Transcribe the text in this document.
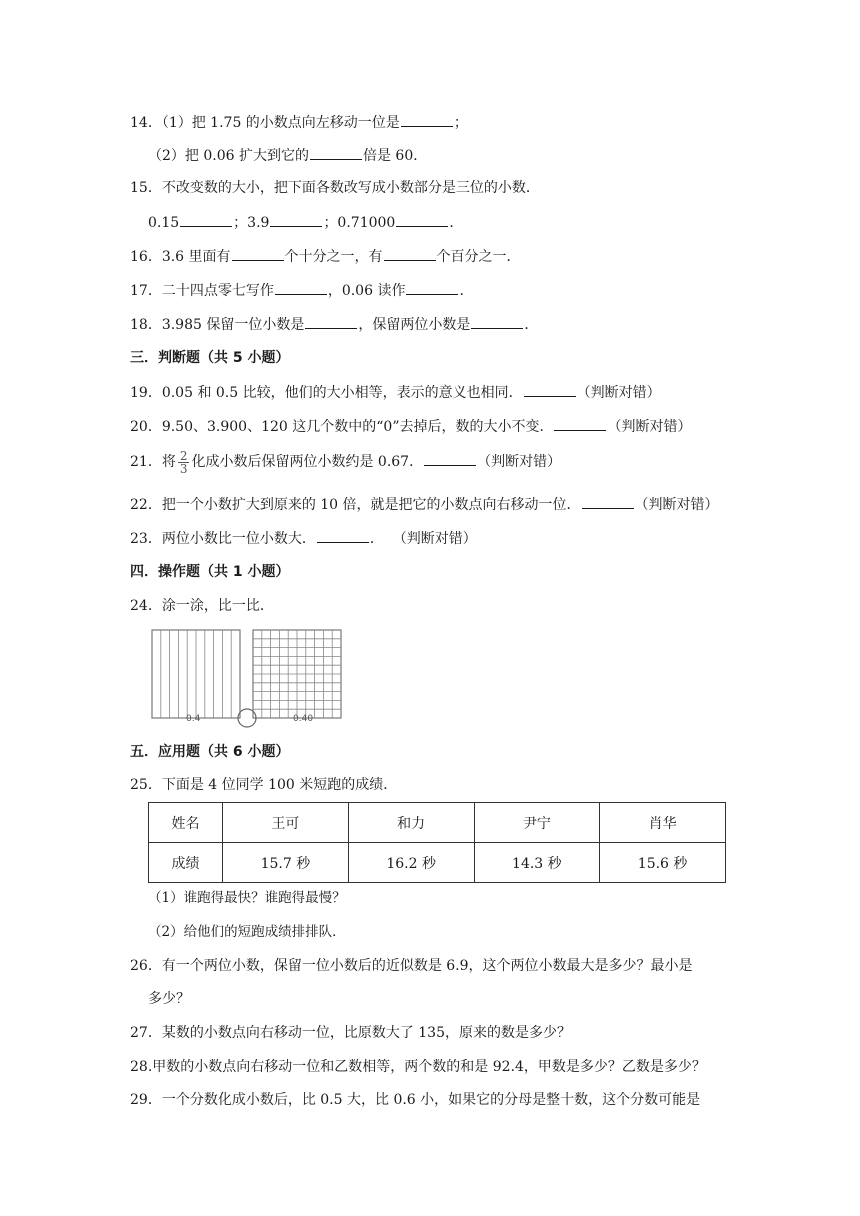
14．（1）把 1.75 的小数点向左移动一位是	；
（2）把 0.06 扩大到它的	倍是 60．
15．不改变数的大小，把下面各数改写成小数部分是三位的小数．
0.15	；3.9	；0.71000	．
16．3.6 里面有	个十分之一，有	个百分之一．
17．二十四点零七写作	，0.06 读作	．
18．3.985 保留一位小数是	，保留两位小数是	．
三．判断题（共 5 小题）
19．0.05 和 0.5 比较，他们的大小相等，表示的意义也相同．	（判断对错）
20．9.50、3.900、120 这几个数中的“0”去掉后，数的大小不变．	（判断对错）
21．将 $\frac{2}{3}$ 化成小数后保留两位小数约是 0.67．	（判断对错）
22．把一个小数扩大到原来的 10 倍，就是把它的小数点向右移动一位．	（判断对错）
23．两位小数比一位小数大．	． （判断对错）
四．操作题（共 1 小题）
24．涂一涂，比一比．
0.4	0.40
五．应用题（共 6 小题）
25．下面是 4 位同学 100 米短跑的成绩．
姓名	王可	和力	尹宁	肖华
成绩	15.7 秒	16.2 秒	14.3 秒	15.6 秒
（1）谁跑得最快？谁跑得最慢？
（2）给他们的短跑成绩排排队．
26．有一个两位小数，保留一位小数后的近似数是 6.9，这个两位小数最大是多少？最小是
多少？
27．某数的小数点向右移动一位，比原数大了 135，原来的数是多少？
28.甲数的小数点向右移动一位和乙数相等，两个数的和是 92.4，甲数是多少？乙数是多少？
29．一个分数化成小数后，比 0.5 大，比 0.6 小，如果它的分母是整十数，这个分数可能是
